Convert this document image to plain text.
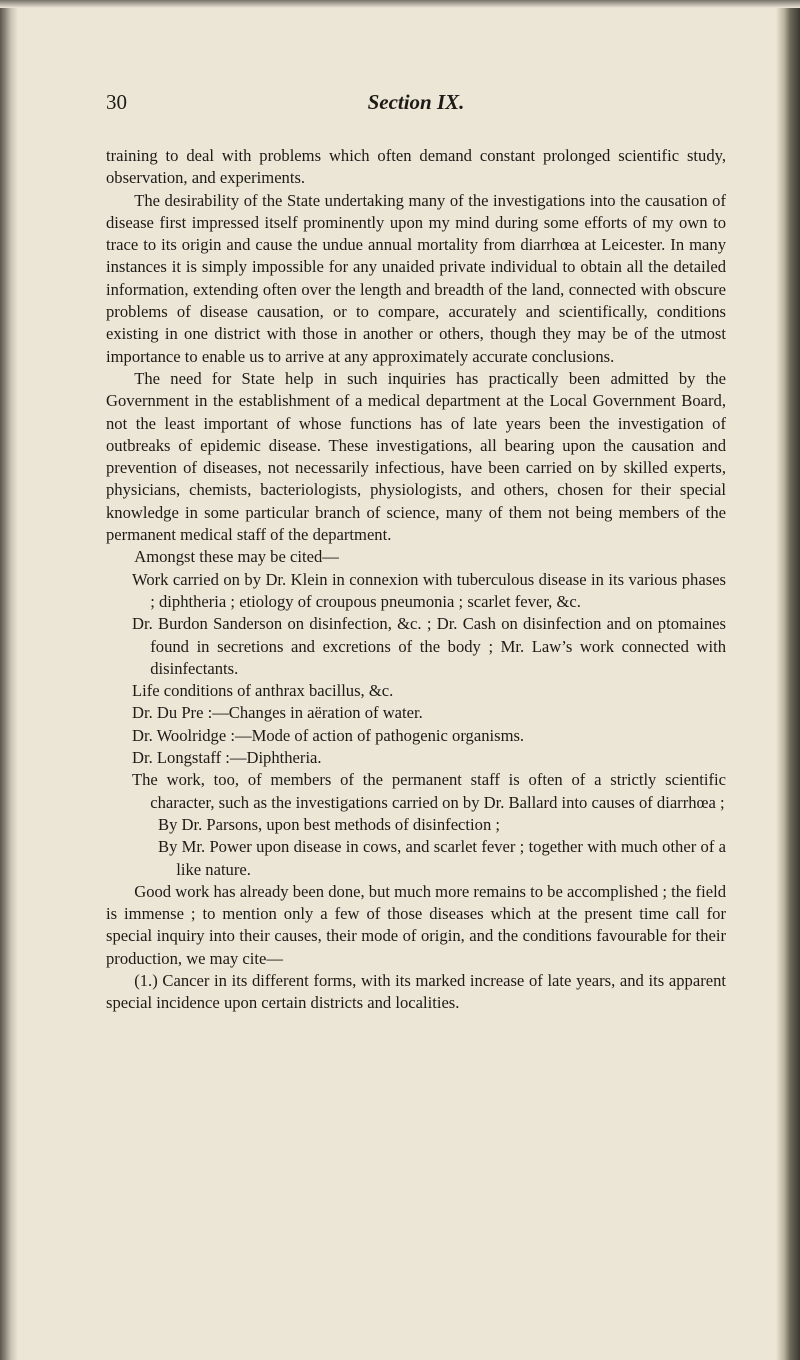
30	Section IX.

training to deal with problems which often demand constant prolonged scientific study, observation, and experiments.

The desirability of the State undertaking many of the investigations into the causation of disease first impressed itself prominently upon my mind during some efforts of my own to trace to its origin and cause the undue annual mortality from diarrhœa at Leicester. In many instances it is simply impossible for any unaided private individual to obtain all the detailed information, extending often over the length and breadth of the land, connected with obscure problems of disease causation, or to compare, accurately and scientifically, conditions existing in one district with those in another or others, though they may be of the utmost importance to enable us to arrive at any approximately accurate conclusions.

The need for State help in such inquiries has practically been admitted by the Government in the establishment of a medical department at the Local Government Board, not the least important of whose functions has of late years been the investigation of outbreaks of epidemic disease. These investigations, all bearing upon the causation and prevention of diseases, not necessarily infectious, have been carried on by skilled experts, physicians, chemists, bacteriologists, physiologists, and others, chosen for their special knowledge in some particular branch of science, many of them not being members of the permanent medical staff of the department.

Amongst these may be cited—

Work carried on by Dr. Klein in connexion with tuberculous disease in its various phases ; diphtheria ; etiology of croupous pneumonia ; scarlet fever, &c.

Dr. Burdon Sanderson on disinfection, &c. ; Dr. Cash on disinfection and on ptomaines found in secretions and excretions of the body ; Mr. Law’s work connected with disinfectants.

Life conditions of anthrax bacillus, &c.

Dr. Du Pre :—Changes in aëration of water.

Dr. Woolridge :—Mode of action of pathogenic organisms.

Dr. Longstaff :—Diphtheria.

The work, too, of members of the permanent staff is often of a strictly scientific character, such as the investigations carried on by Dr. Ballard into causes of diarrhœa ;

By Dr. Parsons, upon best methods of disinfection ;

By Mr. Power upon disease in cows, and scarlet fever ; together with much other of a like nature.

Good work has already been done, but much more remains to be accomplished ; the field is immense ; to mention only a few of those diseases which at the present time call for special inquiry into their causes, their mode of origin, and the conditions favourable for their production, we may cite—

(1.) Cancer in its different forms, with its marked increase of late years, and its apparent special incidence upon certain districts and localities.
